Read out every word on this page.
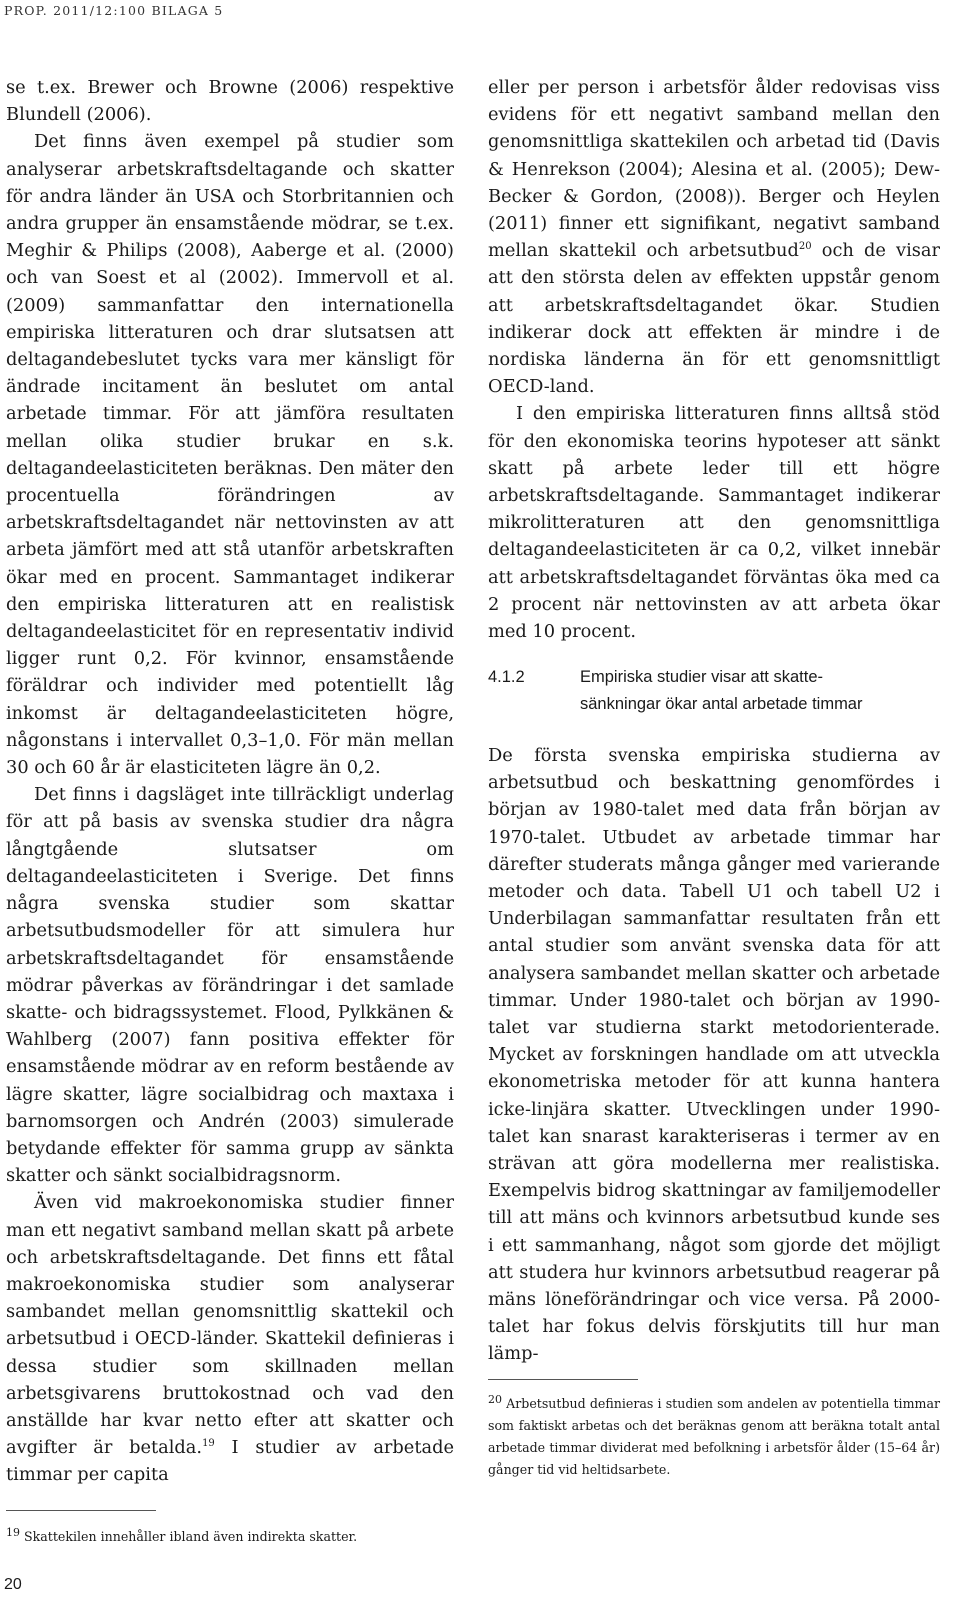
PROP. 2011/12:100 BILAGA 5

se t.ex. Brewer och Browne (2006) respektive Blundell (2006).

Det finns även exempel på studier som analyserar arbetskraftsdeltagande och skatter för andra länder än USA och Storbritannien och andra grupper än ensamstående mödrar, se t.ex. Meghir & Philips (2008), Aaberge et al. (2000) och van Soest et al (2002). Immervoll et al. (2009) sammanfattar den internationella empiriska litteraturen och drar slutsatsen att deltagandebeslutet tycks vara mer känsligt för ändrade incitament än beslutet om antal arbetade timmar. För att jämföra resultaten mellan olika studier brukar en s.k. deltagandeelasticiteten beräknas. Den mäter den procentuella förändringen av arbetskraftsdeltagandet när nettovinsten av att arbeta jämfört med att stå utanför arbetskraften ökar med en procent. Sammantaget indikerar den empiriska litteraturen att en realistisk deltagandeelasticitet för en representativ individ ligger runt 0,2. För kvinnor, ensamstående föräldrar och individer med potentiellt låg inkomst är deltagandeelasticiteten högre, någonstans i intervallet 0,3–1,0. För män mellan 30 och 60 år är elasticiteten lägre än 0,2.

Det finns i dagsläget inte tillräckligt underlag för att på basis av svenska studier dra några långtgående slutsatser om deltagandeelasticiteten i Sverige. Det finns några svenska studier som skattar arbetsutbudsmodeller för att simulera hur arbetskraftsdeltagandet för ensamstående mödrar påverkas av förändringar i det samlade skatte- och bidragssystemet. Flood, Pylkkänen & Wahlberg (2007) fann positiva effekter för ensamstående mödrar av en reform bestående av lägre skatter, lägre socialbidrag och maxtaxa i barnomsorgen och Andrén (2003) simulerade betydande effekter för samma grupp av sänkta skatter och sänkt socialbidragsnorm.

Även vid makroekonomiska studier finner man ett negativt samband mellan skatt på arbete och arbetskraftsdeltagande. Det finns ett fåtal makroekonomiska studier som analyserar sambandet mellan genomsnittlig skattekil och arbetsutbud i OECD-länder. Skattekil definieras i dessa studier som skillnaden mellan arbetsgivarens bruttokostnad och vad den anställde har kvar netto efter att skatter och avgifter är betalda.$^{19}$ I studier av arbetade timmar per capita

eller per person i arbetsför ålder redovisas viss evidens för ett negativt samband mellan den genomsnittliga skattekilen och arbetad tid (Davis & Henrekson (2004); Alesina et al. (2005); Dew-Becker & Gordon, (2008)). Berger och Heylen (2011) finner ett signifikant, negativt samband mellan skattekil och arbetsutbud$^{20}$ och de visar att den största delen av effekten uppstår genom att arbetskraftsdeltagandet ökar. Studien indikerar dock att effekten är mindre i de nordiska länderna än för ett genomsnittligt OECD-land.

I den empiriska litteraturen finns alltså stöd för den ekonomiska teorins hypoteser att sänkt skatt på arbete leder till ett högre arbetskraftsdeltagande. Sammantaget indikerar mikrolitteraturen att den genomsnittliga deltagandeelasticiteten är ca 0,2, vilket innebär att arbetskraftsdeltagandet förväntas öka med ca 2 procent när nettovinsten av att arbeta ökar med 10 procent.

4.1.2	Empiriska studier visar att skatte-
sänkningar ökar antal arbetade timmar

De första svenska empiriska studierna av arbetsutbud och beskattning genomfördes i början av 1980-talet med data från början av 1970-talet. Utbudet av arbetade timmar har därefter studerats många gånger med varierande metoder och data. Tabell U1 och tabell U2 i Underbilagan sammanfattar resultaten från ett antal studier som använt svenska data för att analysera sambandet mellan skatter och arbetade timmar. Under 1980-talet och början av 1990-talet var studierna starkt metodorienterade. Mycket av forskningen handlade om att utveckla ekonometriska metoder för att kunna hantera icke-linjära skatter. Utvecklingen under 1990-talet kan snarast karakteriseras i termer av en strävan att göra modellerna mer realistiska. Exempelvis bidrog skattningar av familjemodeller till att mäns och kvinnors arbetsutbud kunde ses i ett sammanhang, något som gjorde det möjligt att studera hur kvinnors arbetsutbud reagerar på mäns löneförändringar och vice versa. På 2000-talet har fokus delvis förskjutits till hur man lämp-

$^{19}$ Skattekilen innehåller ibland även indirekta skatter.
$^{20}$ Arbetsutbud definieras i studien som andelen av potentiella timmar som faktiskt arbetas och det beräknas genom att beräkna totalt antal arbetade timmar dividerat med befolkning i arbetsför ålder (15–64 år) gånger tid vid heltidsarbete.
20
